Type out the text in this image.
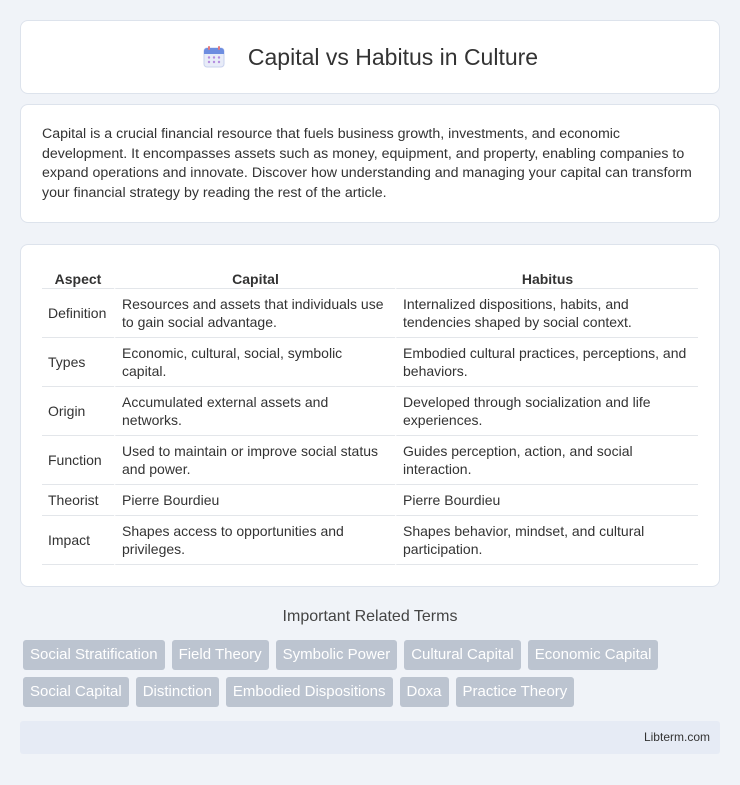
Capital vs Habitus in Culture

Capital is a crucial financial resource that fuels business growth, investments, and economic development. It encompasses assets such as money, equipment, and property, enabling companies to expand operations and innovate. Discover how understanding and managing your capital can transform your financial strategy by reading the rest of the article.

Aspect	Capital	Habitus
Definition	Resources and assets that individuals use to gain social advantage.	Internalized dispositions, habits, and tendencies shaped by social context.
Types	Economic, cultural, social, symbolic capital.	Embodied cultural practices, perceptions, and behaviors.
Origin	Accumulated external assets and networks.	Developed through socialization and life experiences.
Function	Used to maintain or improve social status and power.	Guides perception, action, and social interaction.
Theorist	Pierre Bourdieu	Pierre Bourdieu
Impact	Shapes access to opportunities and privileges.	Shapes behavior, mindset, and cultural participation.
Important Related Terms
Social Stratification	Field Theory	Symbolic Power	Cultural Capital	Economic Capital
Social Capital	Distinction	Embodied Dispositions	Doxa	Practice Theory
Libterm.com
